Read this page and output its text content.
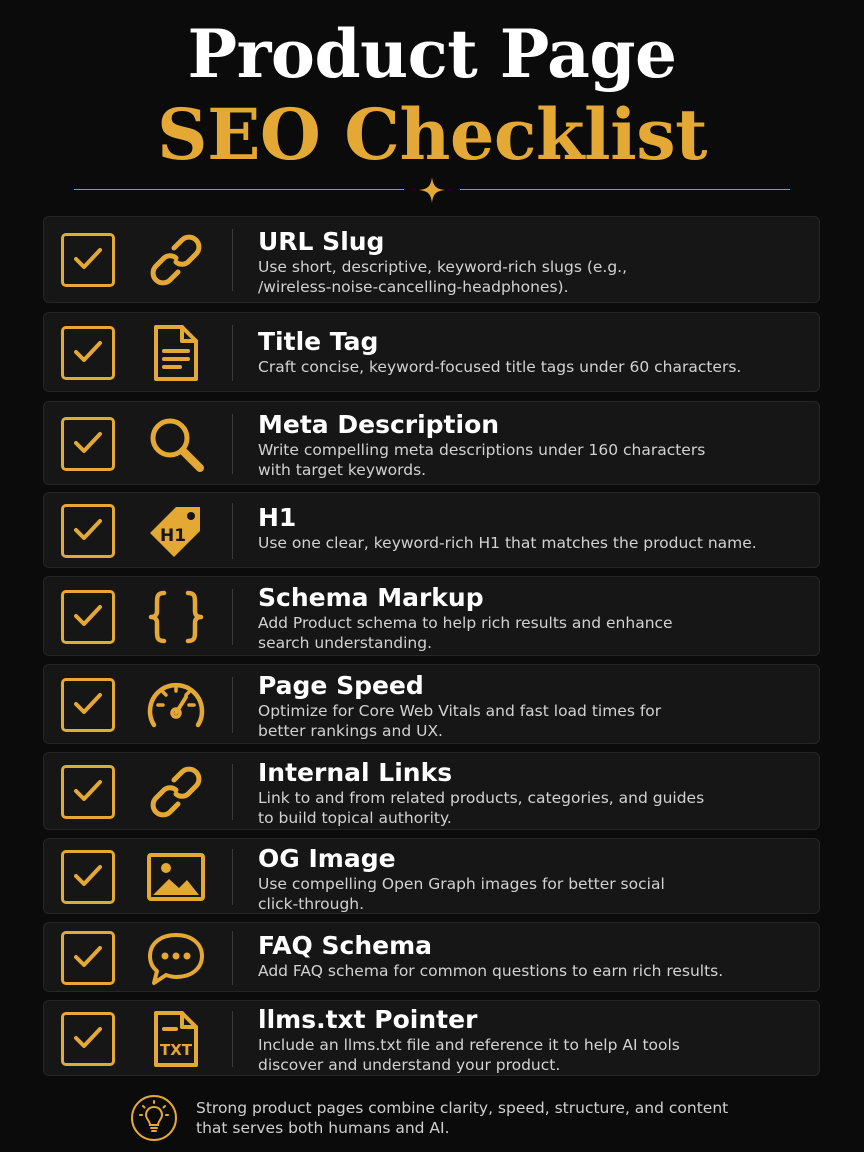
Product Page
SEO Checklist
URL Slug
Use short, descriptive, keyword-rich slugs (e.g.,
/wireless-noise-cancelling-headphones).
Title Tag
Craft concise, keyword-focused title tags under 60 characters.
Meta Description
Write compelling meta descriptions under 160 characters
with target keywords.
H1
H1
Use one clear, keyword-rich H1 that matches the product name.
Schema Markup
Add Product schema to help rich results and enhance
search understanding.
Page Speed
Optimize for Core Web Vitals and fast load times for
better rankings and UX.
Internal Links
Link to and from related products, categories, and guides
to build topical authority.
OG Image
Use compelling Open Graph images for better social
click-through.
FAQ Schema
Add FAQ schema for common questions to earn rich results.
TXT
llms.txt Pointer
Include an llms.txt file and reference it to help AI tools
discover and understand your product.
Strong product pages combine clarity, speed, structure, and content
that serves both humans and AI.
